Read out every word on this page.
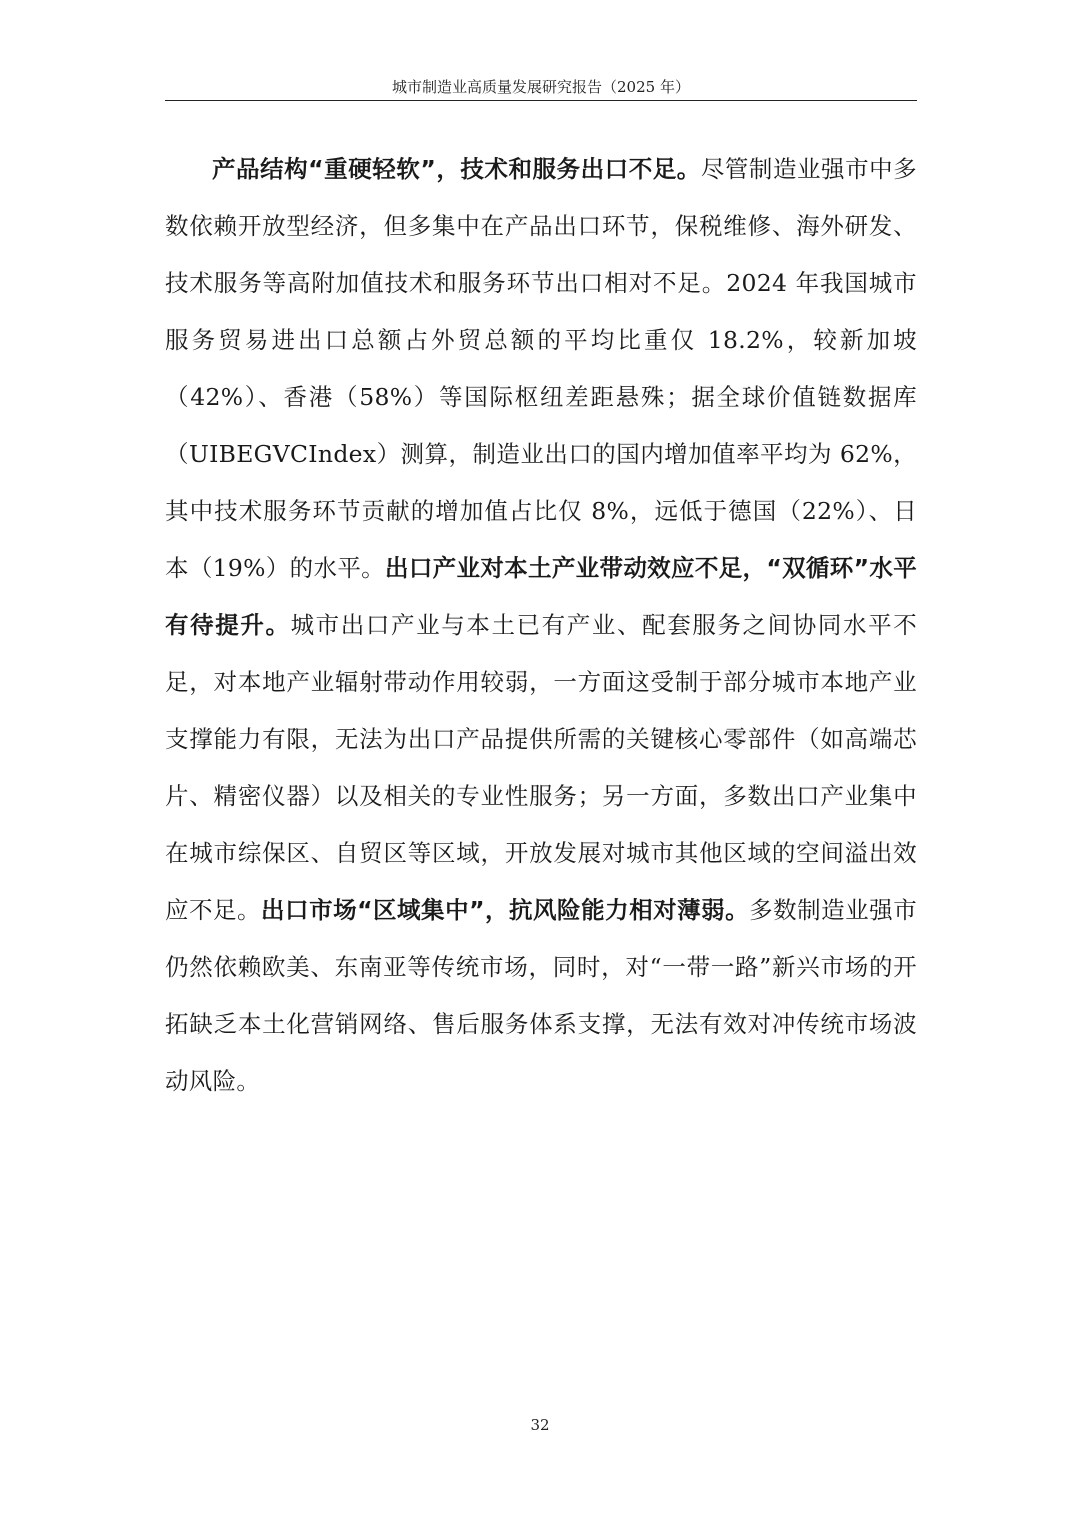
城市制造业高质量发展研究报告（2025 年）

产品结构“重硬轻软”，技术和服务出口不足。尽管制造业强市中多数依赖开放型经济，但多集中在产品出口环节，保税维修、海外研发、技术服务等高附加值技术和服务环节出口相对不足。2024 年我国城市服务贸易进出口总额占外贸总额的平均比重仅 18.2%，较新加坡（42%）、香港（58%）等国际枢纽差距悬殊；据全球价值链数据库（UIBEGVCIndex）测算，制造业出口的国内增加值率平均为 62%，其中技术服务环节贡献的增加值占比仅 8%，远低于德国（22%）、日本（19%）的水平。出口产业对本土产业带动效应不足，“双循环”水平有待提升。城市出口产业与本土已有产业、配套服务之间协同水平不足，对本地产业辐射带动作用较弱，一方面这受制于部分城市本地产业支撑能力有限，无法为出口产品提供所需的关键核心零部件（如高端芯片、精密仪器）以及相关的专业性服务；另一方面，多数出口产业集中在城市综保区、自贸区等区域，开放发展对城市其他区域的空间溢出效应不足。出口市场“区域集中”，抗风险能力相对薄弱。多数制造业强市仍然依赖欧美、东南亚等传统市场，同时，对“一带一路”新兴市场的开拓缺乏本土化营销网络、售后服务体系支撑，无法有效对冲传统市场波动风险。

32
